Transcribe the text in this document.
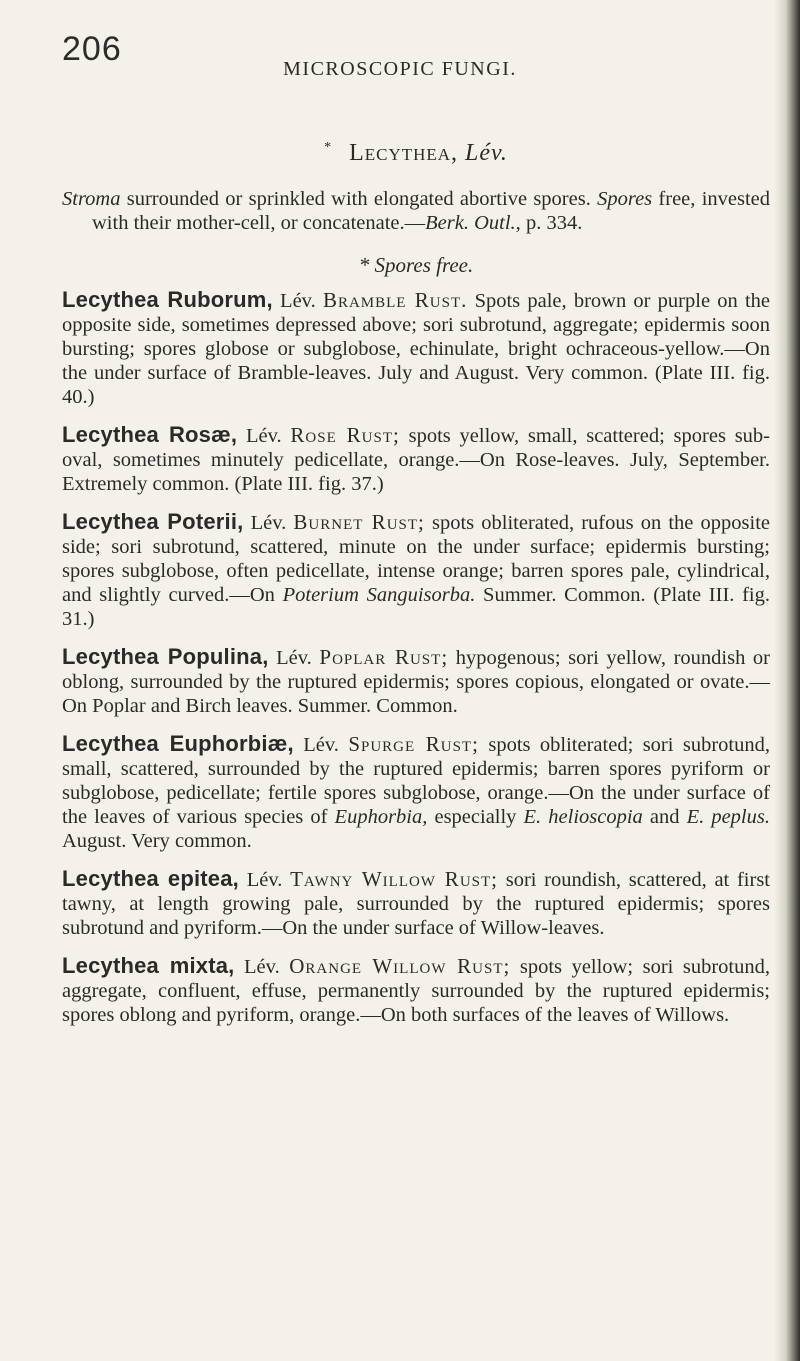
206
MICROSCOPIC FUNGI.
* Lecythea, Lév.

Stroma surrounded or sprinkled with elongated abortive spores. Spores free, invested with their mother-cell, or concatenate.—Berk. Outl., p. 334.

* Spores free.

Lecythea Ruborum, Lév. Bramble Rust. Spots pale, brown or purple on the opposite side, sometimes depressed above; sori subrotund, aggregate; epidermis soon bursting; spores globose or subglobose, echinulate, bright ochraceous-yellow.—On the under surface of Bramble-leaves. July and August. Very common. (Plate III. fig. 40.)

Lecythea Rosæ, Lév. Rose Rust; spots yellow, small, scattered; spores sub-oval, sometimes minutely pedicellate, orange.—On Rose-leaves. July, September. Extremely common. (Plate III. fig. 37.)

Lecythea Poterii, Lév. Burnet Rust; spots obliterated, rufous on the opposite side; sori subrotund, scattered, minute on the under surface; epidermis bursting; spores subglobose, often pedicellate, intense orange; barren spores pale, cylindrical, and slightly curved.—On Poterium Sanguisorba. Summer. Common. (Plate III. fig. 31.)

Lecythea Populina, Lév. Poplar Rust; hypogenous; sori yellow, roundish or oblong, surrounded by the ruptured epidermis; spores copious, elongated or ovate.—On Poplar and Birch leaves. Summer. Common.

Lecythea Euphorbiæ, Lév. Spurge Rust; spots obliterated; sori subrotund, small, scattered, surrounded by the ruptured epidermis; barren spores pyriform or subglobose, pedicellate; fertile spores subglobose, orange.—On the under surface of the leaves of various species of Euphorbia, especially E. helioscopia and E. peplus. August. Very common.

Lecythea epitea, Lév. Tawny Willow Rust; sori roundish, scattered, at first tawny, at length growing pale, surrounded by the ruptured epidermis; spores subrotund and pyriform.—On the under surface of Willow-leaves.

Lecythea mixta, Lév. Orange Willow Rust; spots yellow; sori subrotund, aggregate, confluent, effuse, permanently surrounded by the ruptured epidermis; spores oblong and pyriform, orange.—On both surfaces of the leaves of Willows.
